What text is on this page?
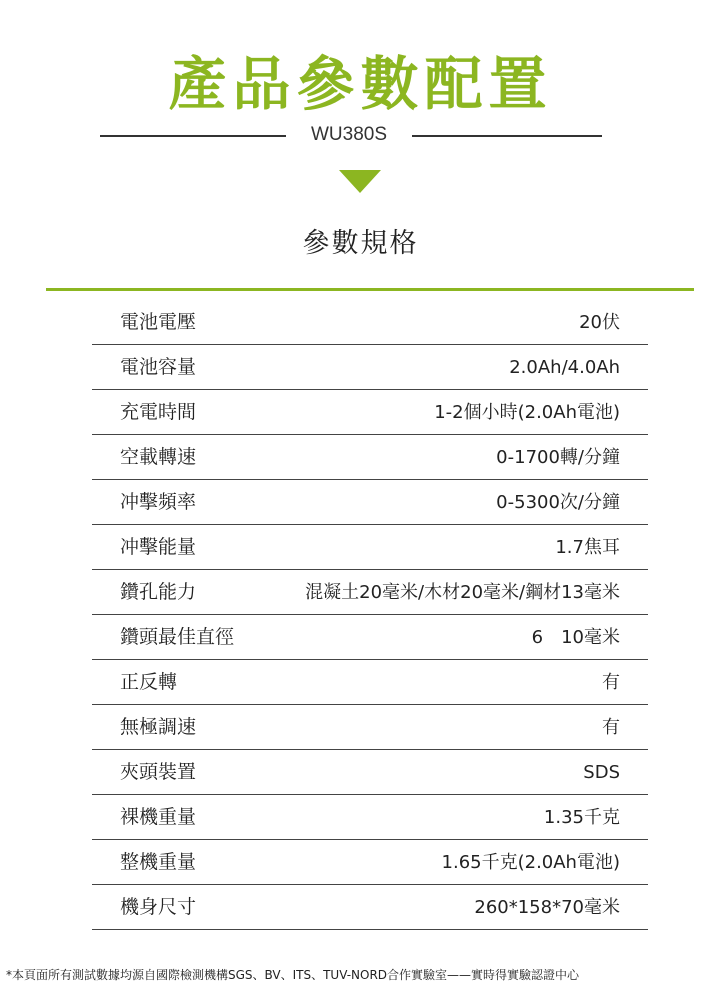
產品參數配置
WU380S
參數規格
電池電壓	20伏
電池容量	2.0Ah/4.0Ah
充電時間	1-2個小時(2.0Ah電池)
空載轉速	0-1700轉/分鐘
冲擊頻率	0-5300次/分鐘
冲擊能量	1.7焦耳
鑽孔能力	混凝土20毫米/木材20毫米/鋼材13毫米
鑽頭最佳直徑	6　10毫米
正反轉	有
無極調速	有
夾頭裝置	SDS
裸機重量	1.35千克
整機重量	1.65千克(2.0Ah電池)
機身尺寸	260*158*70毫米
*本頁面所有測試數據均源自國際檢測機構SGS、BV、ITS、TUV-NORD合作實驗室——實時得實驗認證中心
